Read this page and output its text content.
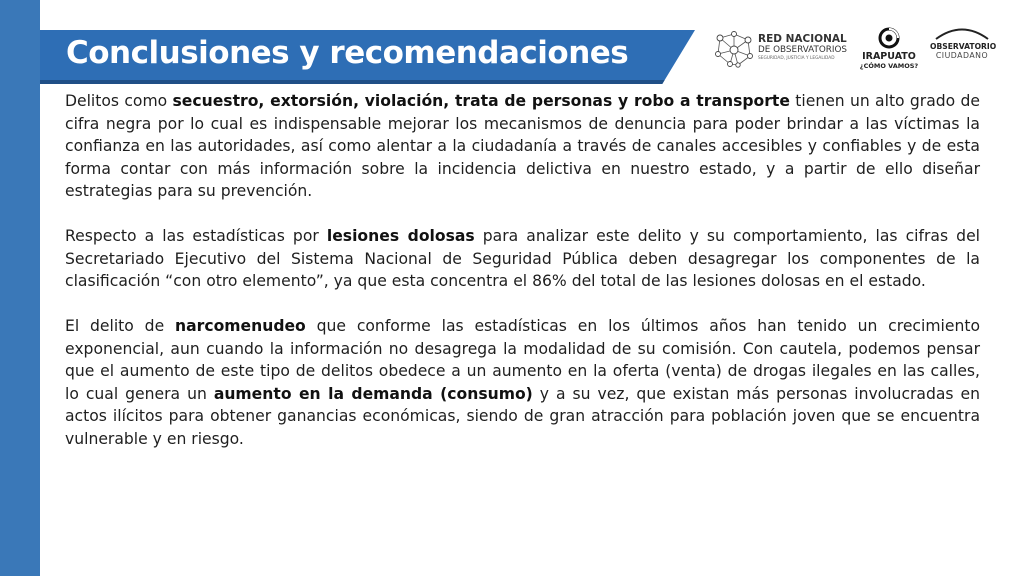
Conclusiones y recomendaciones	RED NACIONAL
DE OBSERVATORIOS
SEGURIDAD, JUSTICIA Y LEGALIDAD	IRAPUATO
¿CÓMO VAMOS?
OBSERVATORIO
CIUDADANO

Delitos como secuestro, extorsión, violación, trata de personas y robo a transporte tienen un alto grado de cifra negra por lo cual es indispensable mejorar los mecanismos de denuncia para poder brindar a las víctimas la confianza en las autoridades, así como alentar a la ciudadanía a través de canales accesibles y confiables y de esta forma contar con más información sobre la incidencia delictiva en nuestro estado, y a partir de ello diseñar estrategias para su prevención.

Respecto a las estadísticas por lesiones dolosas para analizar este delito y su comportamiento, las cifras del Secretariado Ejecutivo del Sistema Nacional de Seguridad Pública deben desagregar los componentes de la clasificación “con otro elemento”, ya que esta concentra el 86% del total de las lesiones dolosas en el estado.

El delito de narcomenudeo que conforme las estadísticas en los últimos años han tenido un crecimiento exponencial, aun cuando la información no desagrega la modalidad de su comisión. Con cautela, podemos pensar que el aumento de este tipo de delitos obedece a un aumento en la oferta (venta) de drogas ilegales en las calles, lo cual genera un aumento en la demanda (consumo) y a su vez, que existan más personas involucradas en actos ilícitos para obtener ganancias económicas, siendo de gran atracción para población joven que se encuentra vulnerable y en riesgo.
